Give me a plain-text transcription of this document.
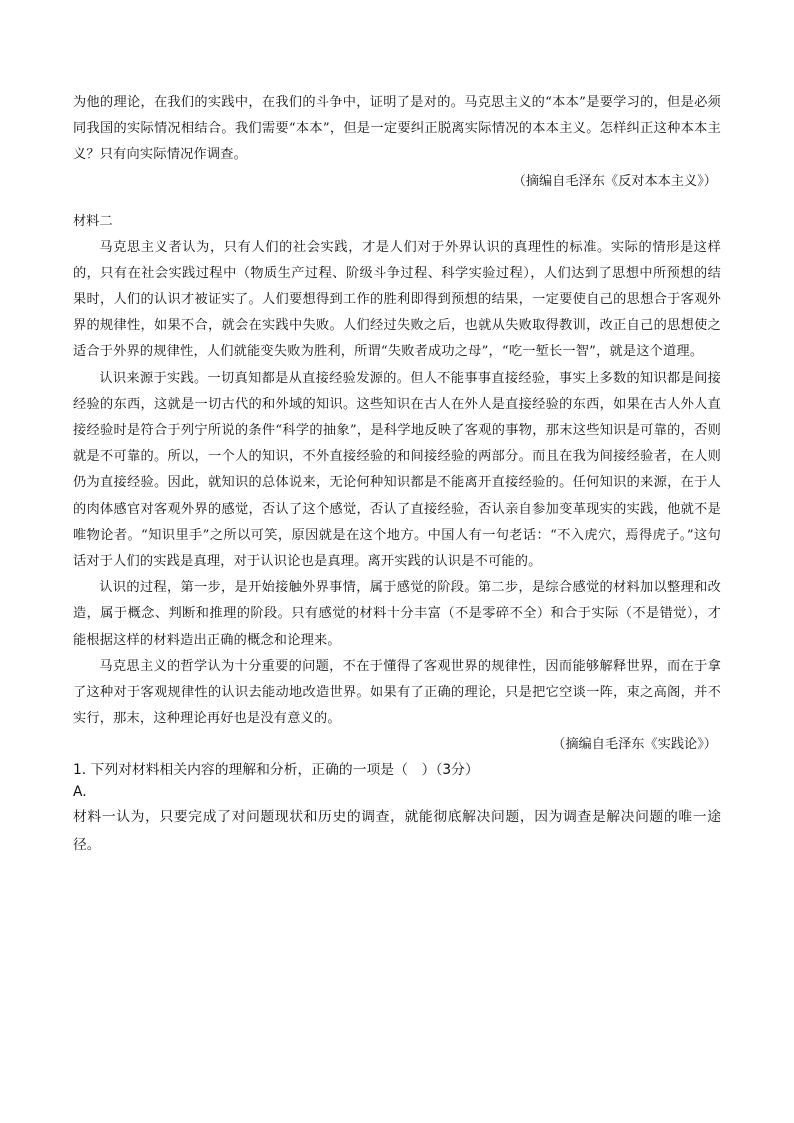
为他的理论，在我们的实践中，在我们的斗争中，证明了是对的。马克思主义的“本本”是要学习的，但是必须同我国的实际情况相结合。我们需要“本本”，但是一定要纠正脱离实际情况的本本主义。怎样纠正这种本本主义？只有向实际情况作调查。

（摘编自毛泽东《反对本本主义》）

材料二

马克思主义者认为，只有人们的社会实践，才是人们对于外界认识的真理性的标准。实际的情形是这样的，只有在社会实践过程中（物质生产过程、阶级斗争过程、科学实验过程），人们达到了思想中所预想的结果时，人们的认识才被证实了。人们要想得到工作的胜利即得到预想的结果，一定要使自己的思想合于客观外界的规律性，如果不合，就会在实践中失败。人们经过失败之后，也就从失败取得教训，改正自己的思想使之适合于外界的规律性，人们就能变失败为胜利，所谓“失败者成功之母”，“吃一堑长一智”，就是这个道理。

认识来源于实践。一切真知都是从直接经验发源的。但人不能事事直接经验，事实上多数的知识都是间接经验的东西，这就是一切古代的和外域的知识。这些知识在古人在外人是直接经验的东西，如果在古人外人直接经验时是符合于列宁所说的条件“科学的抽象”，是科学地反映了客观的事物，那末这些知识是可靠的，否则就是不可靠的。所以，一个人的知识，不外直接经验的和间接经验的两部分。而且在我为间接经验者，在人则仍为直接经验。因此，就知识的总体说来，无论何种知识都是不能离开直接经验的。任何知识的来源，在于人的肉体感官对客观外界的感觉，否认了这个感觉，否认了直接经验，否认亲自参加变革现实的实践，他就不是唯物论者。“知识里手”之所以可笑，原因就是在这个地方。中国人有一句老话：“不入虎穴，焉得虎子。”这句话对于人们的实践是真理，对于认识论也是真理。离开实践的认识是不可能的。

认识的过程，第一步，是开始接触外界事情，属于感觉的阶段。第二步，是综合感觉的材料加以整理和改造，属于概念、判断和推理的阶段。只有感觉的材料十分丰富（不是零碎不全）和合于实际（不是错觉），才能根据这样的材料造出正确的概念和论理来。

马克思主义的哲学认为十分重要的问题，不在于懂得了客观世界的规律性，因而能够解释世界，而在于拿了这种对于客观规律性的认识去能动地改造世界。如果有了正确的理论，只是把它空谈一阵，束之高阁，并不实行，那末，这种理论再好也是没有意义的。

（摘编自毛泽东《实践论》）

1. 下列对材料相关内容的理解和分析，正确的一项是（　）（3分）

A.

材料一认为，只要完成了对问题现状和历史的调查，就能彻底解决问题，因为调查是解决问题的唯一途径。
